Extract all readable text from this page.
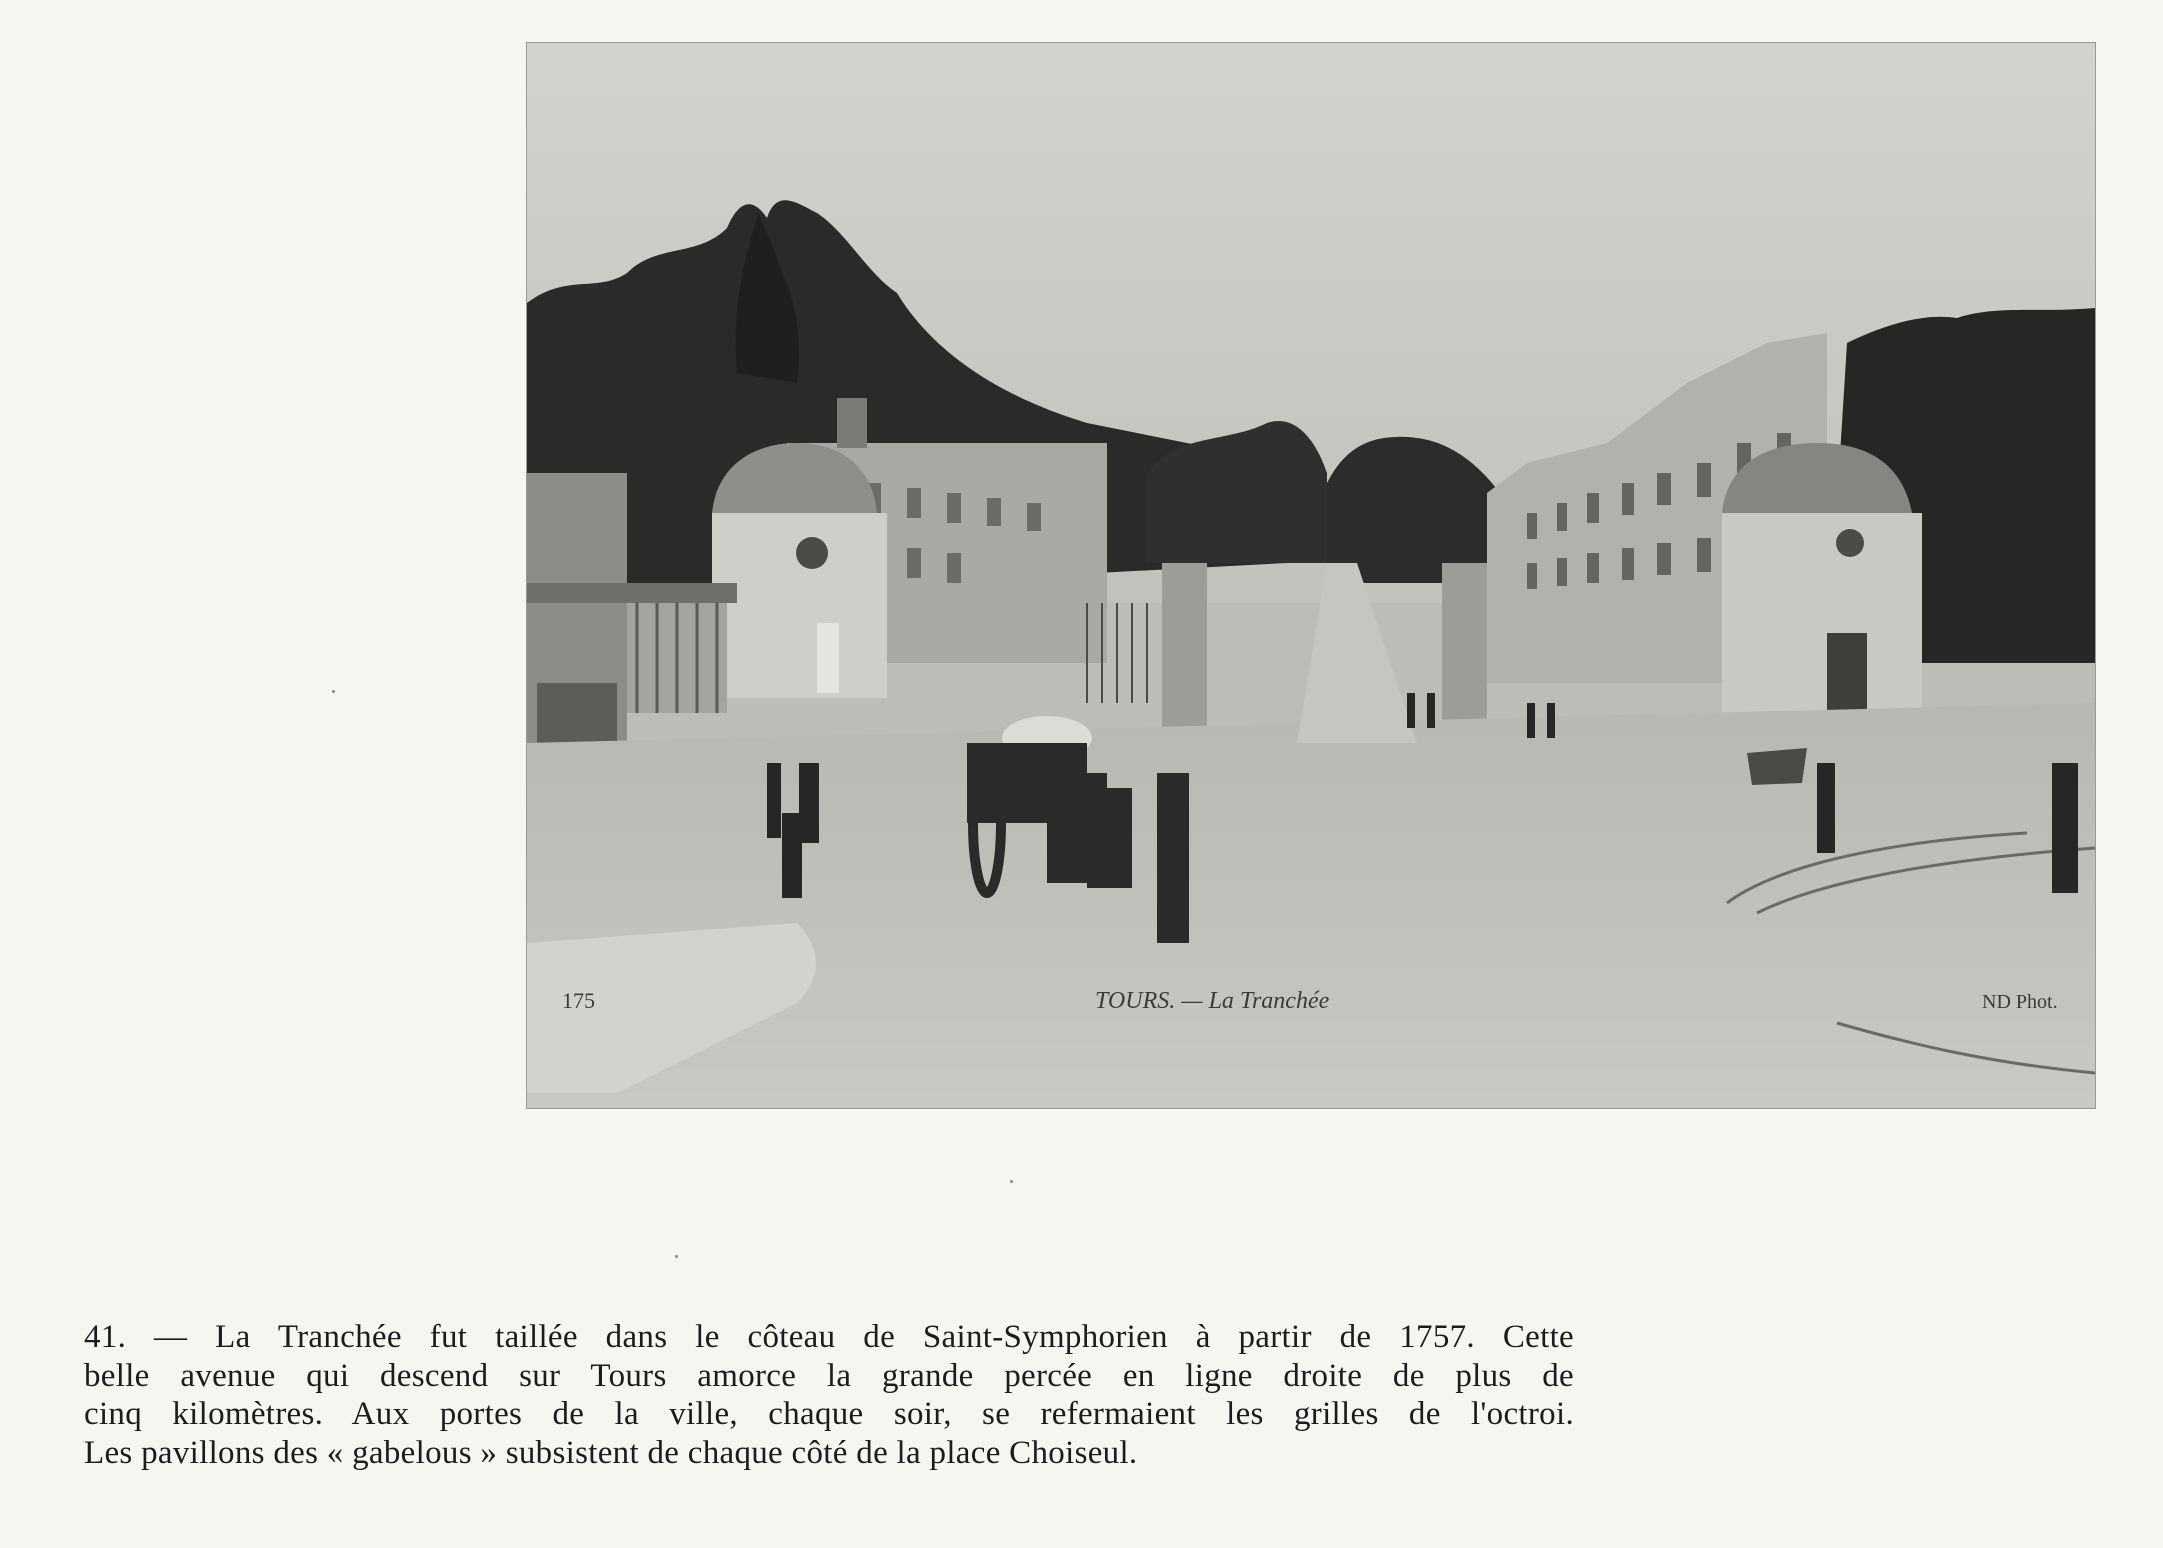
175	TOURS. — La Tranchée	ND Phot.
41. — La Tranchée fut taillée dans le côteau de Saint-Symphorien à partir de 1757. Cette
belle avenue qui descend sur Tours amorce la grande percée en ligne droite de plus de
cinq kilomètres. Aux portes de la ville, chaque soir, se refermaient les grilles de l'octroi.
Les pavillons des « gabelous » subsistent de chaque côté de la place Choiseul.
